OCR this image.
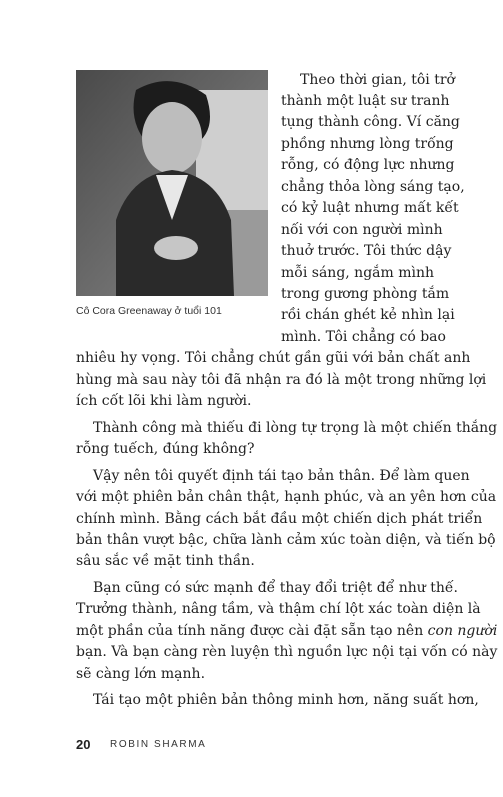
Cô Cora Greenaway ở tuổi 101
Theo thời gian, tôi trở
thành một luật sư tranh
tụng thành công. Ví căng
phồng nhưng lòng trống
rỗng, có động lực nhưng
chẳng thỏa lòng sáng tạo,
có kỷ luật nhưng mất kết
nối với con người mình
thuở trước. Tôi thức dậy
mỗi sáng, ngắm mình
trong gương phòng tắm
rồi chán ghét kẻ nhìn lại
mình. Tôi chẳng có bao
nhiêu hy vọng. Tôi chẳng chút gần gũi với bản chất anh
hùng mà sau này tôi đã nhận ra đó là một trong những lợi
ích cốt lõi khi làm người.
Thành công mà thiếu đi lòng tự trọng là một chiến thắng
rỗng tuếch, đúng không?
Vậy nên tôi quyết định tái tạo bản thân. Để làm quen
với một phiên bản chân thật, hạnh phúc, và an yên hơn của
chính mình. Bằng cách bắt đầu một chiến dịch phát triển
bản thân vượt bậc, chữa lành cảm xúc toàn diện, và tiến bộ
sâu sắc về mặt tinh thần.
Bạn cũng có sức mạnh để thay đổi triệt để như thế.
Trưởng thành, nâng tầm, và thậm chí lột xác toàn diện là
một phần của tính năng được cài đặt sẵn tạo nên con người
bạn. Và bạn càng rèn luyện thì nguồn lực nội tại vốn có này
sẽ càng lớn mạnh.
Tái tạo một phiên bản thông minh hơn, năng suất hơn,
20 ROBIN SHARMA
